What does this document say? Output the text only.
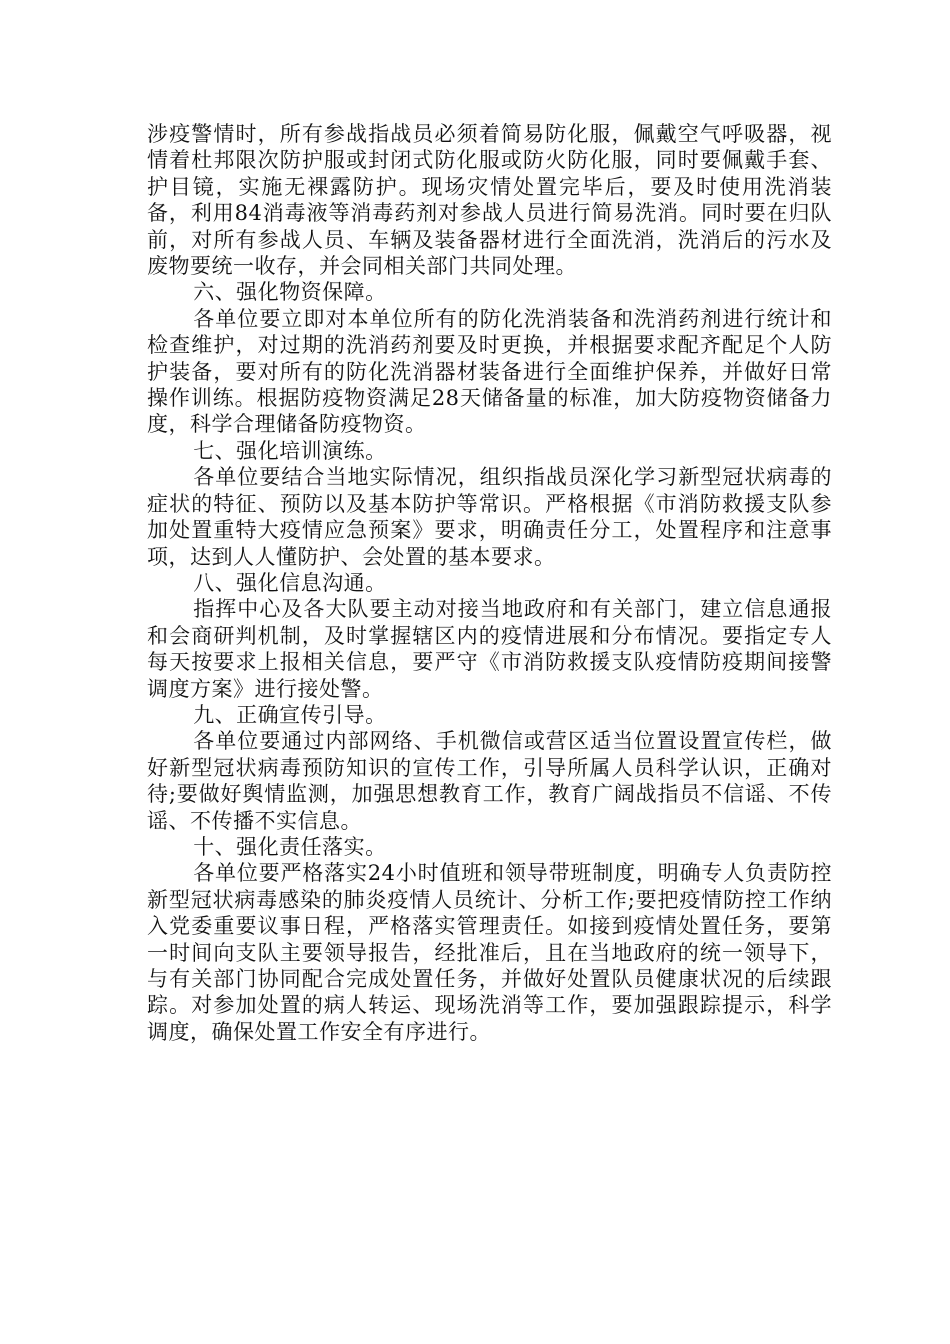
涉疫警情时，所有参战指战员必须着简易防化服，佩戴空气呼吸器，视情着杜邦限次防护服或封闭式防化服或防火防化服，同时要佩戴手套、护目镜，实施无裸露防护。现场灾情处置完毕后，要及时使用洗消装备，利用84消毒液等消毒药剂对参战人员进行简易洗消。同时要在归队前，对所有参战人员、车辆及装备器材进行全面洗消，洗消后的污水及废物要统一收存，并会同相关部门共同处理。

六、强化物资保障。

各单位要立即对本单位所有的防化洗消装备和洗消药剂进行统计和检查维护，对过期的洗消药剂要及时更换，并根据要求配齐配足个人防护装备，要对所有的防化洗消器材装备进行全面维护保养，并做好日常操作训练。根据防疫物资满足28天储备量的标准，加大防疫物资储备力度，科学合理储备防疫物资。

七、强化培训演练。

各单位要结合当地实际情况，组织指战员深化学习新型冠状病毒的症状的特征、预防以及基本防护等常识。严格根据《市消防救援支队参加处置重特大疫情应急预案》要求，明确责任分工，处置程序和注意事项，达到人人懂防护、会处置的基本要求。

八、强化信息沟通。

指挥中心及各大队要主动对接当地政府和有关部门，建立信息通报和会商研判机制，及时掌握辖区内的疫情进展和分布情况。要指定专人每天按要求上报相关信息，要严守《市消防救援支队疫情防疫期间接警调度方案》进行接处警。

九、正确宣传引导。

各单位要通过内部网络、手机微信或营区适当位置设置宣传栏，做好新型冠状病毒预防知识的宣传工作，引导所属人员科学认识，正确对待;要做好舆情监测，加强思想教育工作，教育广阔战指员不信谣、不传谣、不传播不实信息。

十、强化责任落实。

各单位要严格落实24小时值班和领导带班制度，明确专人负责防控新型冠状病毒感染的肺炎疫情人员统计、分析工作;要把疫情防控工作纳入党委重要议事日程，严格落实管理责任。如接到疫情处置任务，要第一时间向支队主要领导报告，经批准后，且在当地政府的统一领导下，与有关部门协同配合完成处置任务，并做好处置队员健康状况的后续跟踪。对参加处置的病人转运、现场洗消等工作，要加强跟踪提示，科学调度，确保处置工作安全有序进行。
